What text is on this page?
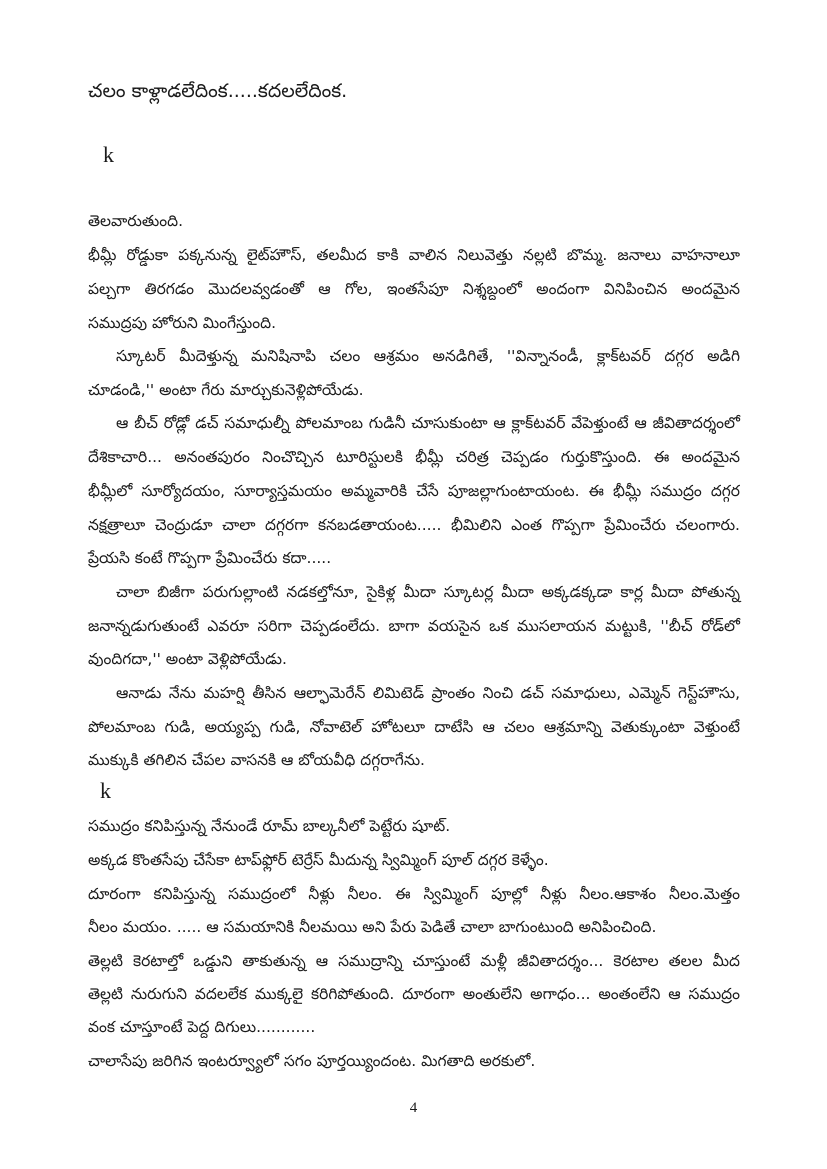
చలం కాళ్లాడలేదింక.....కదలలేదింక.
k
తెలవారుతుంది.
భీమ్లీ రోడ్డుకా పక్కనున్న లైట్‌హౌస్‌, తలమీద కాకి వాలిన నిలువెత్తు నల్లటి బొమ్మ. జనాలు వాహనాలూ
పల్చగా తిరగడం మొదలవ్వడంతో ఆ గోల, ఇంతసేపూ నిశ్శబ్దంలో అందంగా వినిపించిన అందమైన
సముద్రపు హోరుని మింగేస్తుంది.
స్కూటర్‌ మీదెళ్తున్న మనిషినాపి చలం ఆశ్రమం అనడిగితే, ''విన్నానండీ, క్లాక్‌టవర్‌ దగ్గర అడిగి
చూడండి,'' అంటా గేరు మార్చుకునెళ్లిపోయేడు.
ఆ బీచ్‌ రోడ్లో డచ్‌ సమాధుల్నీ పోలమాంబ గుడినీ చూసుకుంటా ఆ క్లాక్‌టవర్‌ వేపెళ్తుంటే ఆ జీవితాదర్శంలో
దేశికాచారి... అనంతపురం నించొచ్చిన టూరిస్టులకి భీమ్లీ చరిత్ర చెప్పడం గుర్తుకొస్తుంది. ఈ అందమైన
భీమ్లీలో సూర్యోదయం, సూర్యాస్తమయం అమ్మవారికి చేసే పూజల్లాగుంటాయంట. ఈ భీమ్లీ సముద్రం దగ్గర
నక్షత్రాలూ చెంద్రుడూ చాలా దగ్గరగా కనబడతాయంట..... భీమిలిని ఎంత గొప్పగా ప్రేమించేరు చలంగారు.
ప్రేయసి కంటే గొప్పగా ప్రేమించేరు కదా.....
చాలా బిజీగా పరుగుల్లాంటి నడకల్తోనూ, సైకిళ్ల మీదా స్కూటర్ల మీదా అక్కడక్కడా కార్ల మీదా పోతున్న
జనాన్నడుగుతుంటే ఎవరూ సరిగా చెప్పడంలేదు. బాగా వయసైన ఒక ముసలాయన మట్టుకి, ''బీచ్‌ రోడ్‌లో
వుందిగదా,'' అంటా వెళ్లిపోయేడు.
ఆనాడు నేను మహర్షి తీసిన ఆల్ఫామెరేన్‌ లిమిటెడ్‌ ప్రాంతం నించి డచ్‌ సమాధులు, ఎమ్మెన్‌ గెస్ట్‌హౌసు,
పోలమాంబ గుడి, అయ్యప్ప గుడి, నోవాటెల్‌ హోటలూ దాటేసి ఆ చలం ఆశ్రమాన్ని వెతుక్కుంటా వెళ్తుంటే
ముక్కుకి తగిలిన చేపల వాసనకి ఆ బోయవీధి దగ్గరాగేను.
k
సముద్రం కనిపిస్తున్న నేనుండే రూమ్‌ బాల్కనీలో పెట్టేరు షూట్‌.
అక్కడ కొంతసేపు చేసేకా టాప్‌ఫ్లోర్‌ టెర్రేస్‌ మీదున్న స్విమ్మింగ్‌ పూల్‌ దగ్గర కెళ్ళేం.
దూరంగా కనిపిస్తున్న సముద్రంలో నీళ్లు నీలం. ఈ స్విమ్మింగ్‌ పూల్లో నీళ్లు నీలం.ఆకాశం నీలం.మెత్తం
నీలం మయం. ..... ఆ సమయానికి నీలమయి అని పేరు పెడితే చాలా బాగుంటుంది అనిపించింది.
తెల్లటి కెరటాల్తో ఒడ్డుని తాకుతున్న ఆ సముద్రాన్ని చూస్తుంటే మళ్లీ జీవితాదర్శం... కెరటాల తలల మీద
తెల్లటి నురుగుని వదలలేక ముక్కలై కరిగిపోతుంది. దూరంగా అంతులేని అగాధం... అంతంలేని ఆ సముద్రం
వంక చూస్తూంటే పెద్ద దిగులు............
చాలాసేపు జరిగిన ఇంటర్వ్యూలో సగం పూర్తయ్యిందంట. మిగతాది అరకులో.
4
